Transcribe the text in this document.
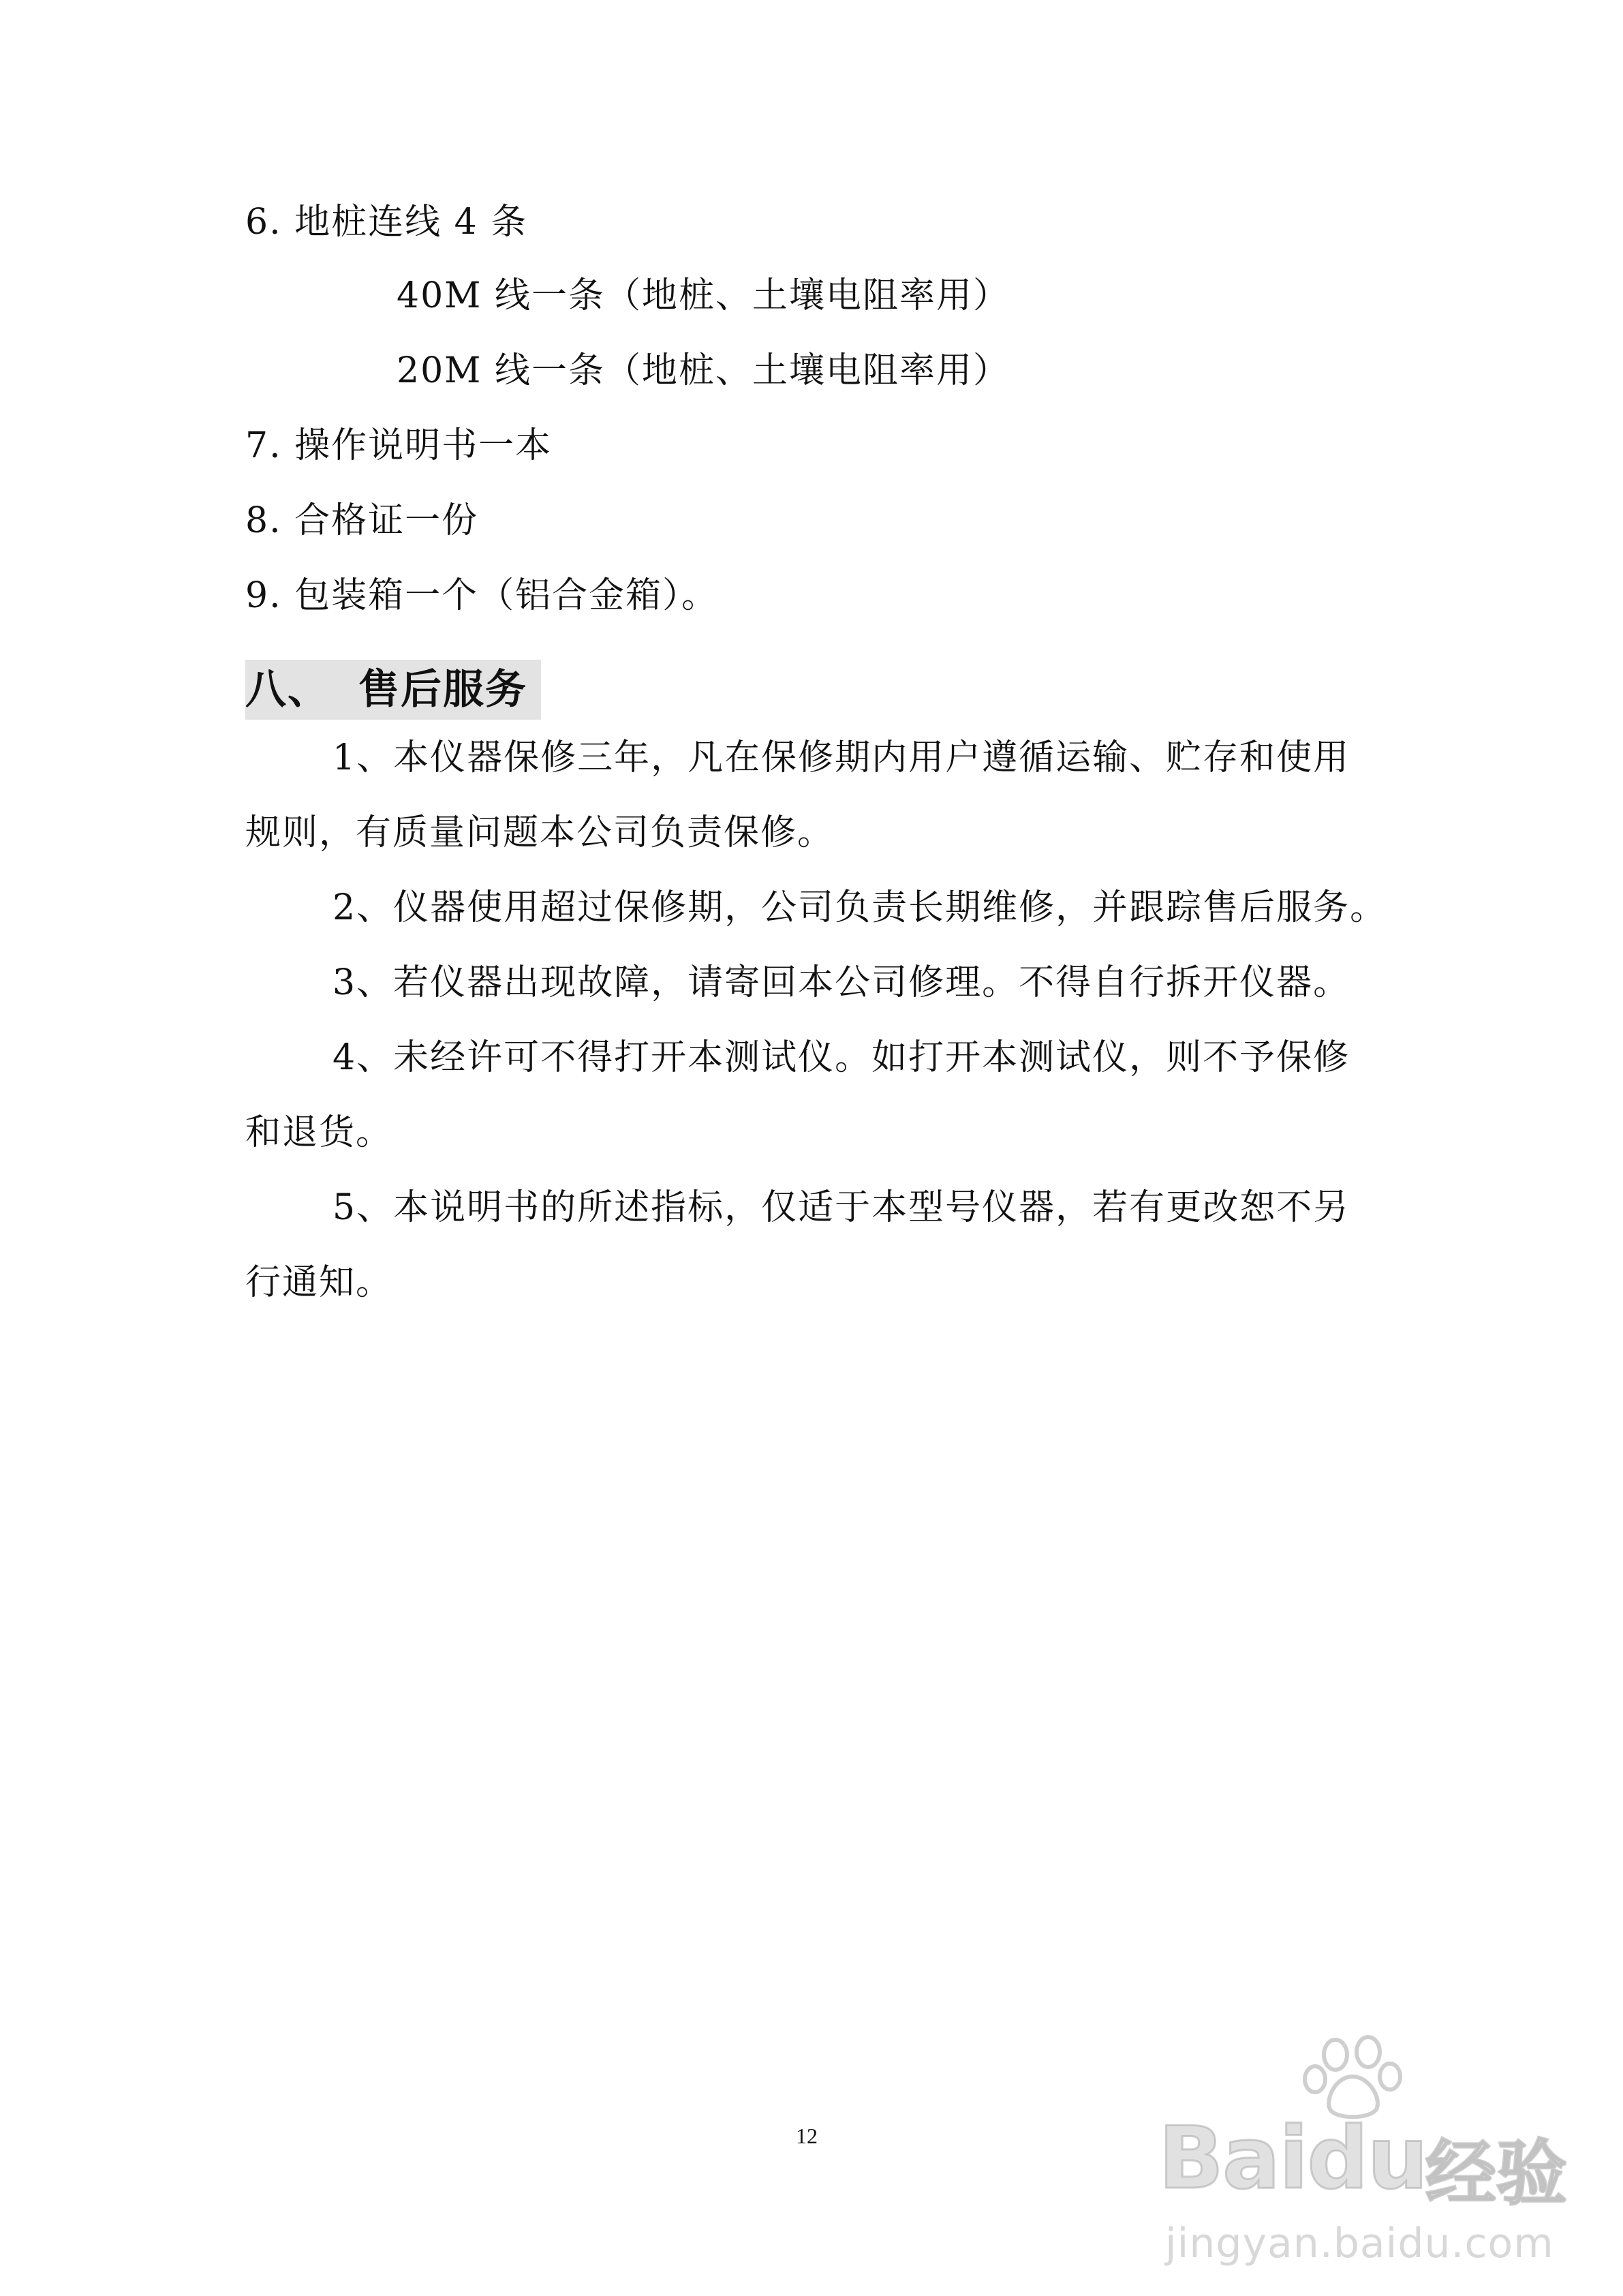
6. 地桩连线 4 条
40M 线一条（地桩、土壤电阻率用）
20M 线一条（地桩、土壤电阻率用）
7. 操作说明书一本
8. 合格证一份
9. 包装箱一个（铝合金箱）。
八、 售后服务
1、本仪器保修三年，凡在保修期内用户遵循运输、贮存和使用
规则，有质量问题本公司负责保修。
2、仪器使用超过保修期，公司负责长期维修，并跟踪售后服务。
3、若仪器出现故障，请寄回本公司修理。不得自行拆开仪器。
4、未经许可不得打开本测试仪。如打开本测试仪，则不予保修
和退货。
5、本说明书的所述指标，仅适于本型号仪器，若有更改恕不另
行通知。
12	Baidu
经验
jingyan.baidu.com
